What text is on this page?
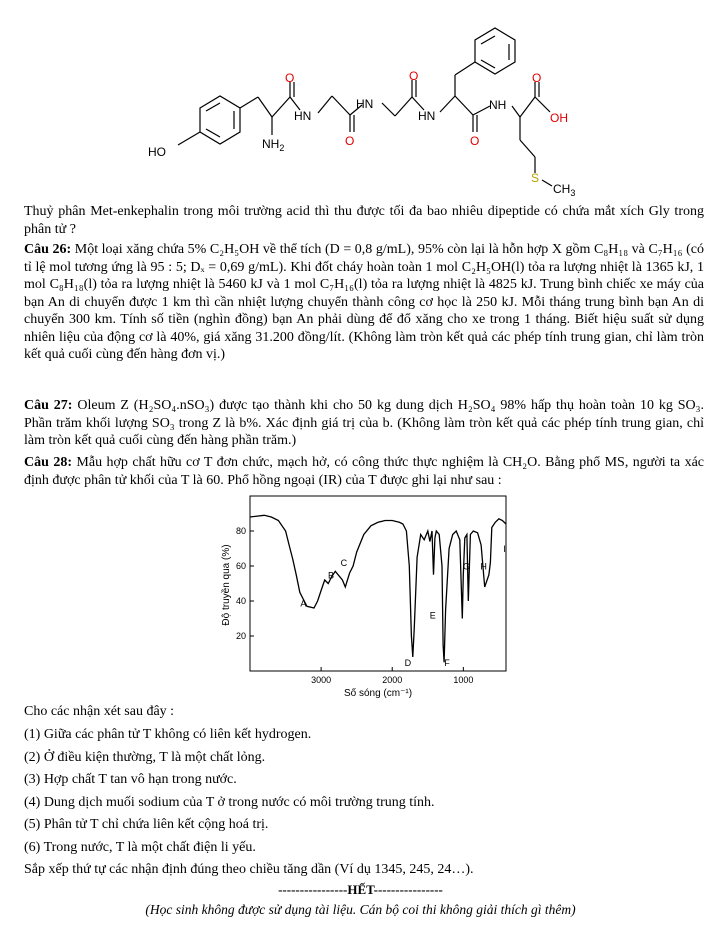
HO
$NH_2$
HN
HN
HN
NH
O
O
O
O
O
OH
S
$CH_3$
Thuỷ phân Met-enkephalin trong môi trường acid thì thu được tối đa bao nhiêu dipeptide có chứa mắt xích Gly trong phân tử ?
Câu 26: Một loại xăng chứa 5% C₂H₅OH về thể tích (D = 0,8 g/mL), 95% còn lại là hỗn hợp X gồm C₈H₁₈ và C₇H₁₆ (có tỉ lệ mol tương ứng là 95 : 5; Dₓ = 0,69 g/mL). Khi đốt cháy hoàn toàn 1 mol C₂H₅OH(l) tỏa ra lượng nhiệt là 1365 kJ, 1 mol C₈H₁₈(l) tỏa ra lượng nhiệt là 5460 kJ và 1 mol C₇H₁₆(l) tỏa ra lượng nhiệt là 4825 kJ. Trung bình chiếc xe máy của bạn An di chuyển được 1 km thì cần nhiệt lượng chuyển thành công cơ học là 250 kJ. Mỗi tháng trung bình bạn An di chuyển 300 km. Tính số tiền (nghìn đồng) bạn An phải dùng để đổ xăng cho xe trong 1 tháng. Biết hiệu suất sử dụng nhiên liệu của động cơ là 40%, giá xăng 31.200 đồng/lít. (Không làm tròn kết quả các phép tính trung gian, chỉ làm tròn kết quả cuối cùng đến hàng đơn vị.)
Câu 27: Oleum Z (H₂SO₄.nSO₃) được tạo thành khi cho 50 kg dung dịch H₂SO₄ 98% hấp thụ hoàn toàn 10 kg SO₃. Phần trăm khối lượng SO₃ trong Z là b%. Xác định giá trị của b. (Không làm tròn kết quả các phép tính trung gian, chỉ làm tròn kết quả cuối cùng đến hàng phần trăm.)
Câu 28: Mẫu hợp chất hữu cơ T đơn chức, mạch hở, có công thức thực nghiệm là CH₂O. Bằng phổ MS, người ta xác định được phân tử khối của T là 60. Phổ hồng ngoại (IR) của T được ghi lại như sau :
3000	2000	1000
20
40
60
80
A
B
C
D
E
F
G H
I
Số sóng (cm⁻¹)
Độ truyền qua (%)
Cho các nhận xét sau đây :
(1) Giữa các phân tử T không có liên kết hydrogen.
(2) Ở điều kiện thường, T là một chất lỏng.
(3) Hợp chất T tan vô hạn trong nước.
(4) Dung dịch muối sodium của T ở trong nước có môi trường trung tính.
(5) Phân tử T chỉ chứa liên kết cộng hoá trị.
(6) Trong nước, T là một chất điện li yếu.
Sắp xếp thứ tự các nhận định đúng theo chiều tăng dần (Ví dụ 1345, 245, 24…).
----------------HẾT----------------
(Học sinh không được sử dụng tài liệu. Cán bộ coi thi không giải thích gì thêm)
